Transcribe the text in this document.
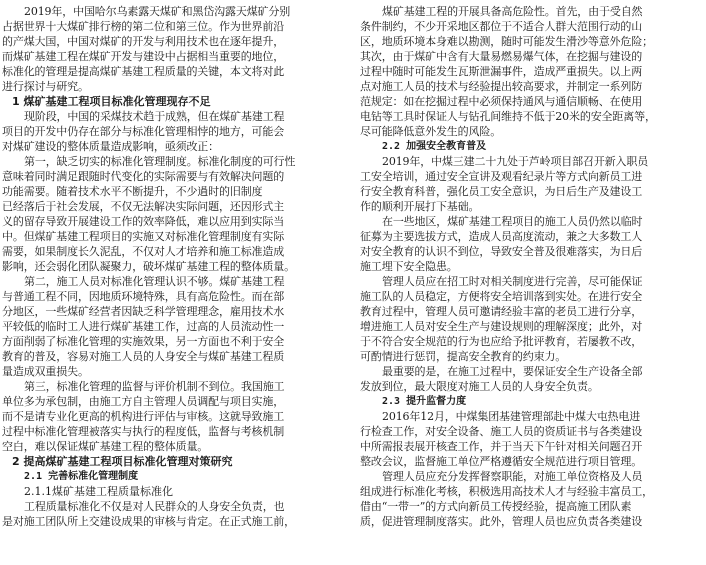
2019年，中国哈尔乌素露天煤矿和黑岱沟露天煤矿分别
占据世界十大煤矿排行榜的第二位和第三位。作为世界前沿
的产煤大国，中国对煤矿的开发与利用技术也在逐年提升，
而煤矿基建工程在煤矿开发与建设中占据相当重要的地位，
标准化的管理是提高煤矿基建工程质量的关键，本文将对此
进行探讨与研究。
1 煤矿基建工程项目标准化管理现存不足
现阶段，中国的采煤技术趋于成熟，但在煤矿基建工程
项目的开发中仍存在部分与标准化管理相悖的地方，可能会
对煤矿建设的整体质量造成影响，亟须改正：
第一，缺乏切实的标准化管理制度。标准化制度的可行性
意味着同时满足跟随时代变化的实际需要与有效解决问题的
功能需要。随着技术水平不断提升，不少過时的旧制度
已经落后于社会发展，不仅无法解决实际问题，还因形式主
义的留存导致开展建设工作的效率降低，难以应用到实际当
中。但煤矿基建工程项目的实施又对标准化管理制度有实际
需要，如果制度长久泥乱，不仅对人才培养和施工标准造成
影响，还会弱化团队凝聚力，破坏煤矿基建工程的整体质量。
第二，施工人员对标准化管理认识不够。煤矿基建工程
与普通工程不同，因地质环境特殊，具有高危险性。而在部
分地区，一些煤矿经营者因缺乏科学管理理念，雇用技术水
平较低的临时工人进行煤矿基建工作，过高的人员流动性一
方面削弱了标准化管理的实施效果，另一方面也不利于安全
教育的普及，容易对施工人员的人身安全与煤矿基建工程质
量造成双重损失。
第三，标准化管理的监督与评价机制不到位。我国施工
单位多为承包制，由施工方自主管理人员调配与项目实施，
而不是请专业化更高的机构进行评估与审核。这就导致施工
过程中标准化管理被落实与执行的程度低，监督与考核机制
空白，难以保证煤矿基建工程的整体质量。
2 提高煤矿基建工程项目标准化管理对策研究
2.1 完善标准化管理制度
2.1.1煤矿基建工程质量标准化
工程质量标准化不仅是对人民群众的人身安全负责，也
是对施工团队所上交建设成果的审核与肯定。在正式施工前，
煤矿基建工程的开展具备高危险性。首先，由于受自然
条件制约，不少开采地区都位于不适合人群大范围行动的山
区，地质环境本身难以勘测，随时可能发生滑沙等意外危险；
其次，由于煤矿中含有大量易燃易爆气体，在挖掘与建设的
过程中随时可能发生瓦斯泄漏事件，造成严重损失。以上两
点对施工人员的技术与经验提出较高要求，并制定一系列防
范规定：如在挖掘过程中必须保持通风与通信顺畅、在使用
电钻等工具时保证人与钻孔间维持不低于20米的安全距离等，
尽可能降低意外发生的风险。
2.2 加强安全教育普及
2019年，中煤三建二十九处于芦岭项目部召开新入职员
工安全培训，通过安全宣讲及观看纪录片等方式向新员工进
行安全教育科普，强化员工安全意识，为日后生产及建设工
作的顺利开展打下基础。
在一些地区，煤矿基建工程项目的施工人员仍然以临时
征募为主要选拔方式，造成人员高度流动，兼之大多数工人
对安全教育的认识不到位，导致安全普及很难落实，为日后
施工埋下安全隐患。
管理人员应在招工时对相关制度进行完善，尽可能保证
施工队的人员稳定，方便将安全培训落到实处。在进行安全
教育过程中，管理人员可邀请经验丰富的老员工进行分享，
增进施工人员对安全生产与建设规则的理解深度；此外，对
于不符合安全规范的行为也应给予批评教育，若屡教不改，
可酌情进行惩罚，提高安全教育的约束力。
最重要的是，在施工过程中，要保证安全生产设备全部
发放到位，最大限度对施工人员的人身安全负责。
2.3 提升监督力度
2016年12月，中煤集团基建管理部赴中煤大屯热电进
行检查工作，对安全设备、施工人员的资质证书与各类建设
中所需报表展开核查工作，并于当天下午针对相关问题召开
整改会议，监督施工单位严格遵循安全规范进行项目管理。
管理人员应充分发挥督察职能，对施工单位资格及人员
组成进行标准化考核，积极选用高技术人才与经验丰富员工，
借由“一带一”的方式向新员工传授经验，提高施工团队素
质，促进管理制度落实。此外，管理人员也应负责各类建设
